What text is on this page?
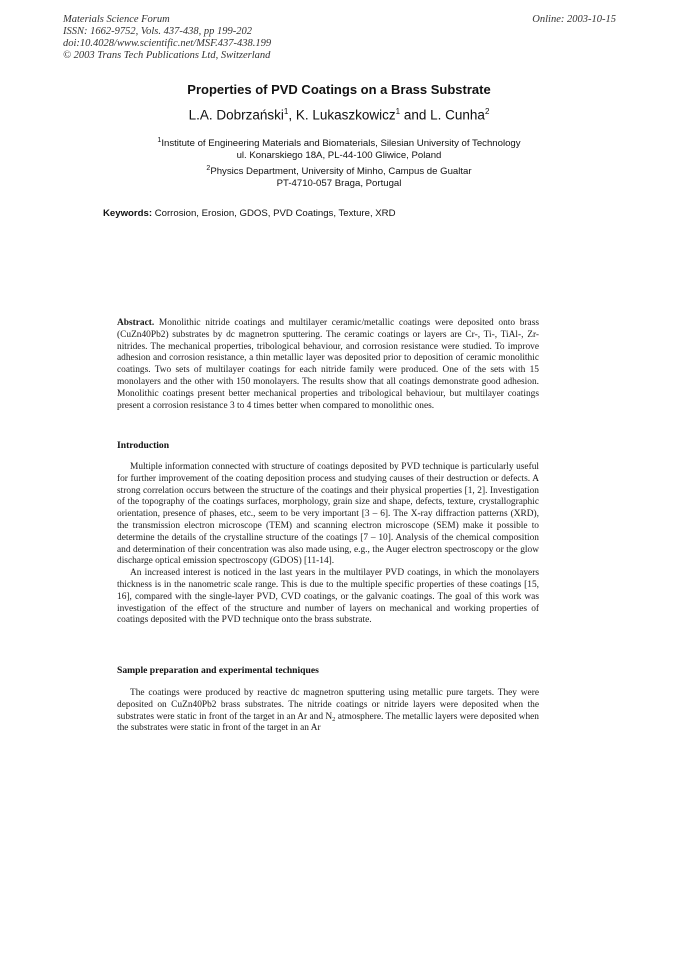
Materials Science Forum
ISSN: 1662-9752, Vols. 437-438, pp 199-202
doi:10.4028/www.scientific.net/MSF.437-438.199
© 2003 Trans Tech Publications Ltd, Switzerland
Online: 2003-10-15
Properties of PVD Coatings on a Brass Substrate
L.A. Dobrzański$^1$, K. Lukaszkowicz$^1$ and L. Cunha$^2$
$^1$Institute of Engineering Materials and Biomaterials, Silesian University of Technology
ul. Konarskiego 18A, PL-44-100 Gliwice, Poland
$^2$Physics Department, University of Minho, Campus de Gualtar
PT-4710-057 Braga, Portugal
Keywords: Corrosion, Erosion, GDOS, PVD Coatings, Texture, XRD

Abstract. Monolithic nitride coatings and multilayer ceramic/metallic coatings were deposited onto brass (CuZn40Pb2) substrates by dc magnetron sputtering. The ceramic coatings or layers are Cr-, Ti-, TiAl-, Zr-nitrides. The mechanical properties, tribological behaviour, and corrosion resistance were studied. To improve adhesion and corrosion resistance, a thin metallic layer was deposited prior to deposition of ceramic monolithic coatings. Two sets of multilayer coatings for each nitride family were produced. One of the sets with 15 monolayers and the other with 150 monolayers. The results show that all coatings demonstrate good adhesion. Monolithic coatings present better mechanical properties and tribological behaviour, but multilayer coatings present a corrosion resistance 3 to 4 times better when compared to monolithic ones.

Introduction

Multiple information connected with structure of coatings deposited by PVD technique is particularly useful for further improvement of the coating deposition process and studying causes of their destruction or defects. A strong correlation occurs between the structure of the coatings and their physical properties [1, 2]. Investigation of the topography of the coatings surfaces, morphology, grain size and shape, defects, texture, crystallographic orientation, presence of phases, etc., seem to be very important [3 – 6]. The X-ray diffraction patterns (XRD), the transmission electron microscope (TEM) and scanning electron microscope (SEM) make it possible to determine the details of the crystalline structure of the coatings [7 – 10]. Analysis of the chemical composition and determination of their concentration was also made using, e.g., the Auger electron spectroscopy or the glow discharge optical emission spectroscopy (GDOS) [11-14].

An increased interest is noticed in the last years in the multilayer PVD coatings, in which the monolayers thickness is in the nanometric scale range. This is due to the multiple specific properties of these coatings [15, 16], compared with the single-layer PVD, CVD coatings, or the galvanic coatings. The goal of this work was investigation of the effect of the structure and number of layers on mechanical and working properties of coatings deposited with the PVD technique onto the brass substrate.

Sample preparation and experimental techniques

The coatings were produced by reactive dc magnetron sputtering using metallic pure targets. They were deposited on CuZn40Pb2 brass substrates. The nitride coatings or nitride layers were deposited when the substrates were static in front of the target in an Ar and $N_2$ atmosphere. The metallic layers were deposited when the substrates were static in front of the target in an Ar
